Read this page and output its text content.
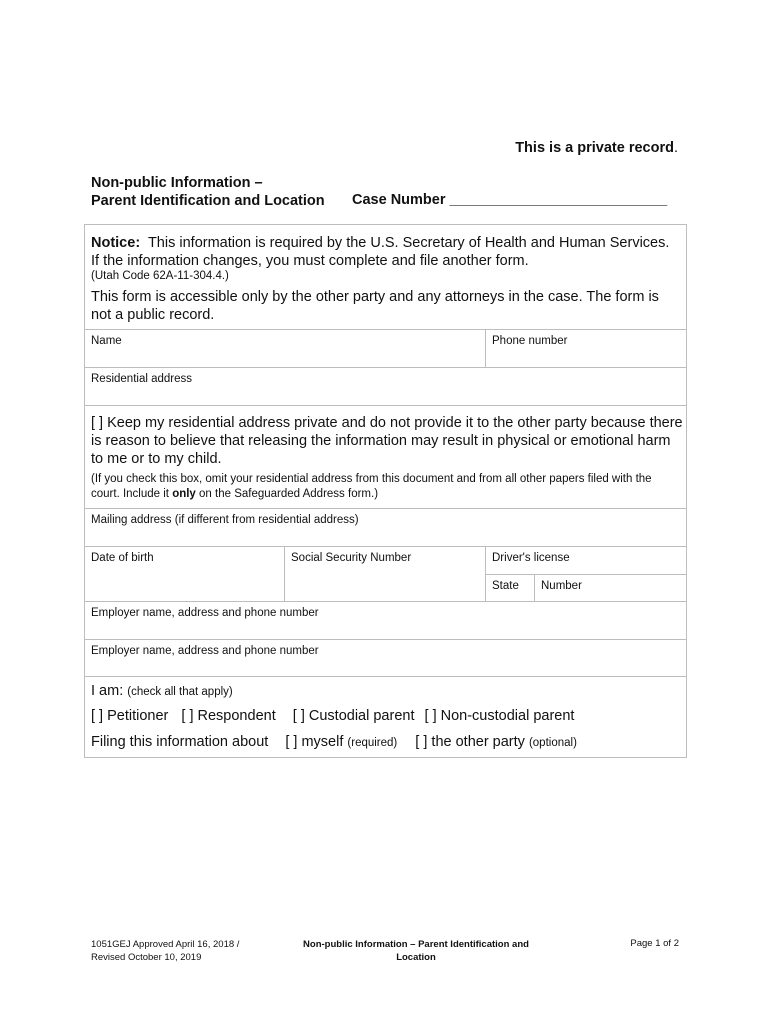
This is a private record.
Non-public Information –
Parent Identification and Location Case Number ___________________________
Notice: This information is required by the U.S. Secretary of Health and Human Services. If the information changes, you must complete and file another form.
(Utah Code 62A-11-304.4.)
This form is accessible only by the other party and any attorneys in the case. The form is not a public record.
Name	Phone number
Residential address
[ ] Keep my residential address private and do not provide it to the other party because there is reason to believe that releasing the information may result in physical or emotional harm to me or to my child.
(If you check this box, omit your residential address from this document and from all other papers filed with the court. Include it only on the Safeguarded Address form.)
Mailing address (if different from residential address)
Date of birth	Social Security Number	Driver's license
State Number
Employer name, address and phone number
Employer name, address and phone number
I am: (check all that apply)
[ ] Petitioner [ ] Respondent [ ] Custodial parent [ ] Non-custodial parent
Filing this information about [ ] myself (required) [ ] the other party (optional)
1051GEJ Approved April 16, 2018 /
Revised October 10, 2019
Non-public Information – Parent Identification and
Location
Page 1 of 2
